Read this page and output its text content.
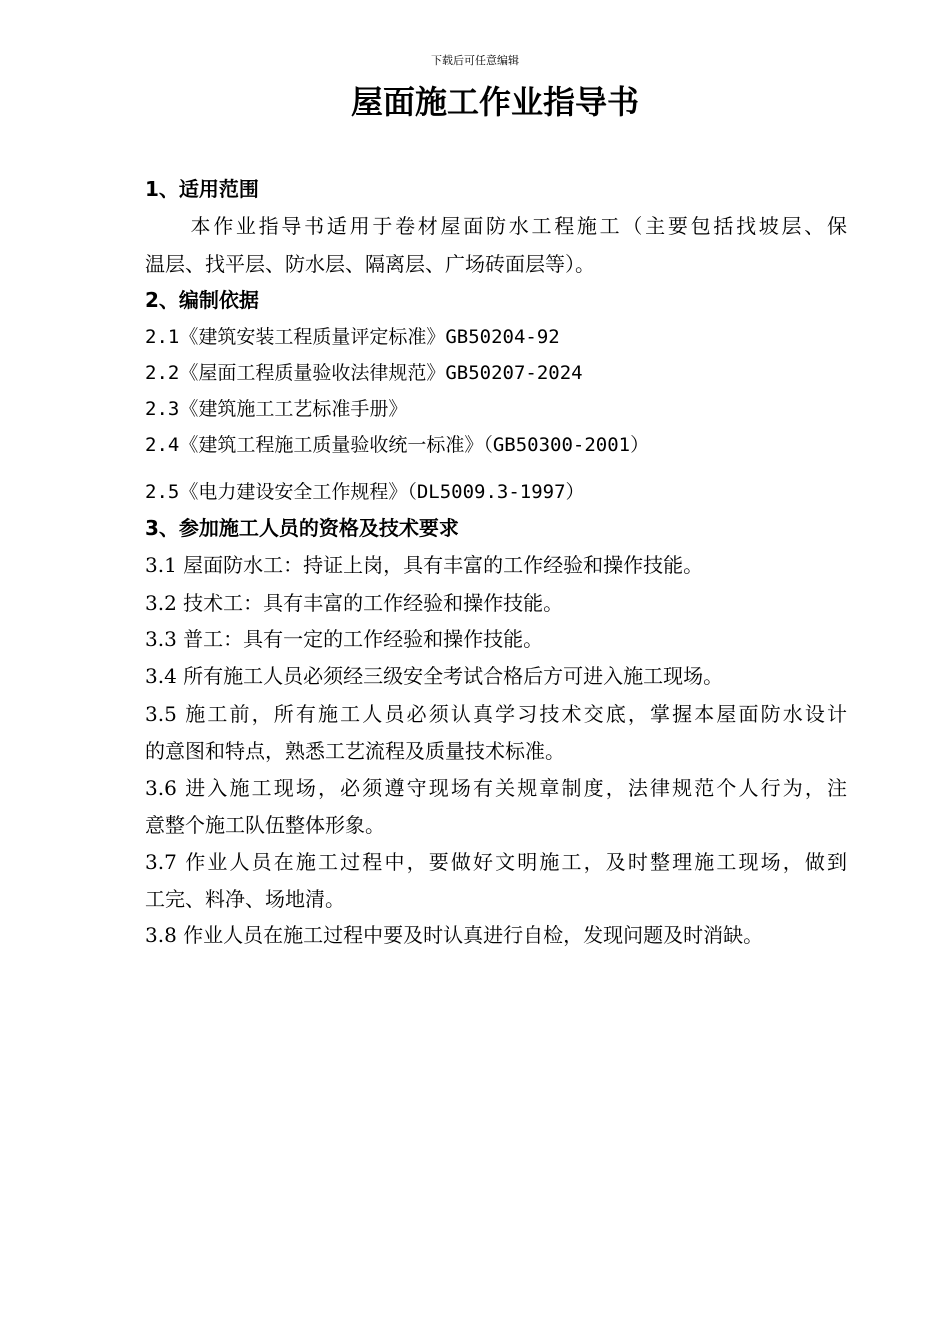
下载后可任意编辑
屋面施工作业指导书
1、适用范围
　　本作业指导书适用于卷材屋面防水工程施工（主要包括找坡层、保
温层、找平层、防水层、隔离层、广场砖面层等）。
2、编制依据
2.1《建筑安装工程质量评定标准》GB50204-92
2.2《屋面工程质量验收法律规范》GB50207-2024
2.3《建筑施工工艺标准手册》
2.4《建筑工程施工质量验收统一标准》（GB50300-2001）
2.5《电力建设安全工作规程》（DL5009.3-1997）
3、参加施工人员的资格及技术要求
3.1 屋面防水工：持证上岗，具有丰富的工作经验和操作技能。
3.2 技术工：具有丰富的工作经验和操作技能。
3.3 普工：具有一定的工作经验和操作技能。
3.4 所有施工人员必须经三级安全考试合格后方可进入施工现场。
3.5 施工前，所有施工人员必须认真学习技术交底，掌握本屋面防水设计
的意图和特点，熟悉工艺流程及质量技术标准。
3.6 进入施工现场，必须遵守现场有关规章制度，法律规范个人行为，注
意整个施工队伍整体形象。
3.7 作业人员在施工过程中，要做好文明施工，及时整理施工现场，做到
工完、料净、场地清。
3.8 作业人员在施工过程中要及时认真进行自检，发现问题及时消缺。
